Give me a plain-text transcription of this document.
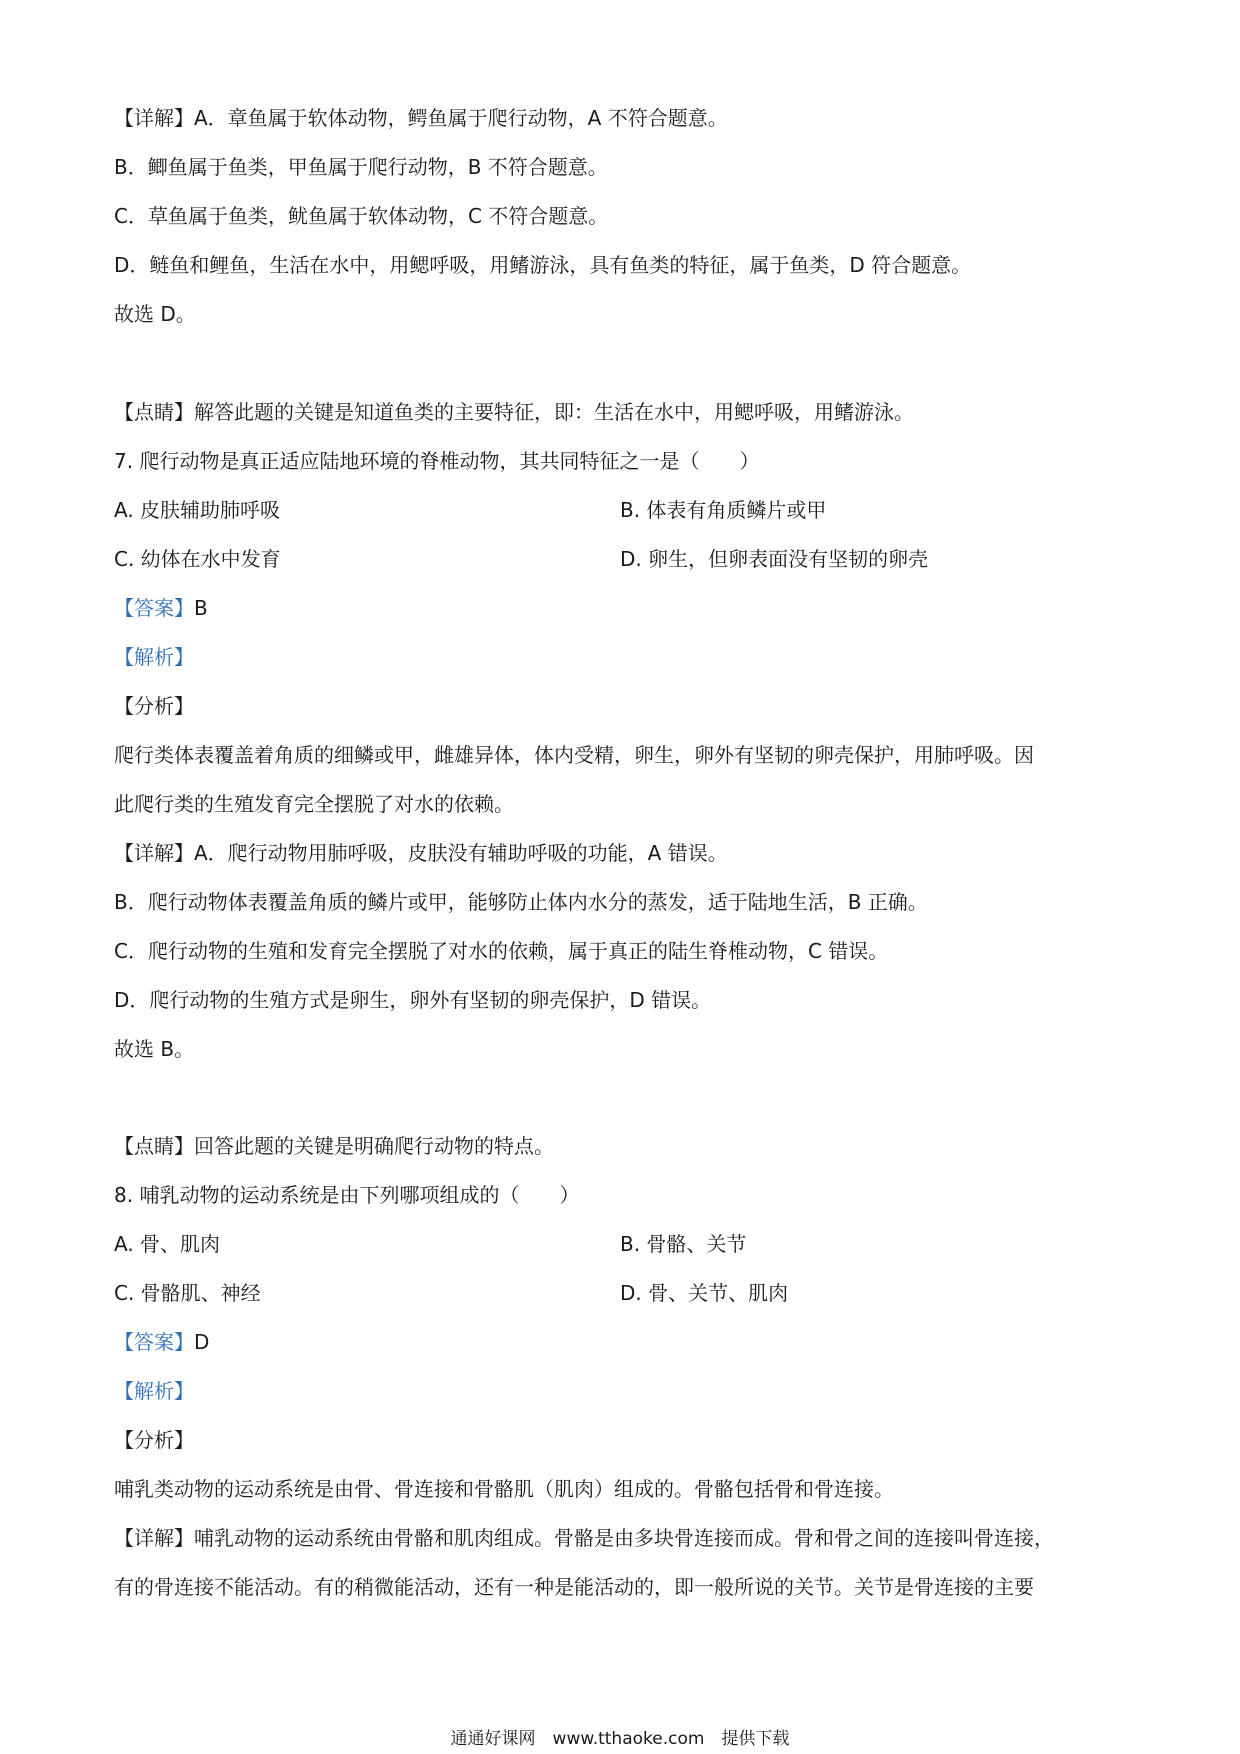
【详解】A．章鱼属于软体动物，鳄鱼属于爬行动物，A 不符合题意。
B．鲫鱼属于鱼类，甲鱼属于爬行动物，B 不符合题意。
C．草鱼属于鱼类，鱿鱼属于软体动物，C 不符合题意。
D．鲢鱼和鲤鱼，生活在水中，用鳃呼吸，用鳍游泳，具有鱼类的特征，属于鱼类，D 符合题意。
故选 D。
【点睛】解答此题的关键是知道鱼类的主要特征，即：生活在水中，用鳃呼吸，用鳍游泳。
7. 爬行动物是真正适应陆地环境的脊椎动物，其共同特征之一是（　　）
A. 皮肤辅助肺呼吸	B. 体表有角质鳞片或甲
C. 幼体在水中发育	D. 卵生，但卵表面没有坚韧的卵壳
【答案】B
【解析】
【分析】
爬行类体表覆盖着角质的细鳞或甲，雌雄异体，体内受精，卵生，卵外有坚韧的卵壳保护，用肺呼吸。因
此爬行类的生殖发育完全摆脱了对水的依赖。
【详解】A．爬行动物用肺呼吸，皮肤没有辅助呼吸的功能，A 错误。
B．爬行动物体表覆盖角质的鳞片或甲，能够防止体内水分的蒸发，适于陆地生活，B 正确。
C．爬行动物的生殖和发育完全摆脱了对水的依赖，属于真正的陆生脊椎动物，C 错误。
D．爬行动物的生殖方式是卵生，卵外有坚韧的卵壳保护，D 错误。
故选 B。
【点睛】回答此题的关键是明确爬行动物的特点。
8. 哺乳动物的运动系统是由下列哪项组成的（　　）
A. 骨、肌肉	B. 骨骼、关节
C. 骨骼肌、神经	D. 骨、关节、肌肉
【答案】D
【解析】
【分析】
哺乳类动物的运动系统是由骨、骨连接和骨骼肌（肌肉）组成的。骨骼包括骨和骨连接。
【详解】哺乳动物的运动系统由骨骼和肌肉组成。骨骼是由多块骨连接而成。骨和骨之间的连接叫骨连接，
有的骨连接不能活动。有的稍微能活动，还有一种是能活动的，即一般所说的关节。关节是骨连接的主要
通通好课网　www.tthaoke.com　提供下载
